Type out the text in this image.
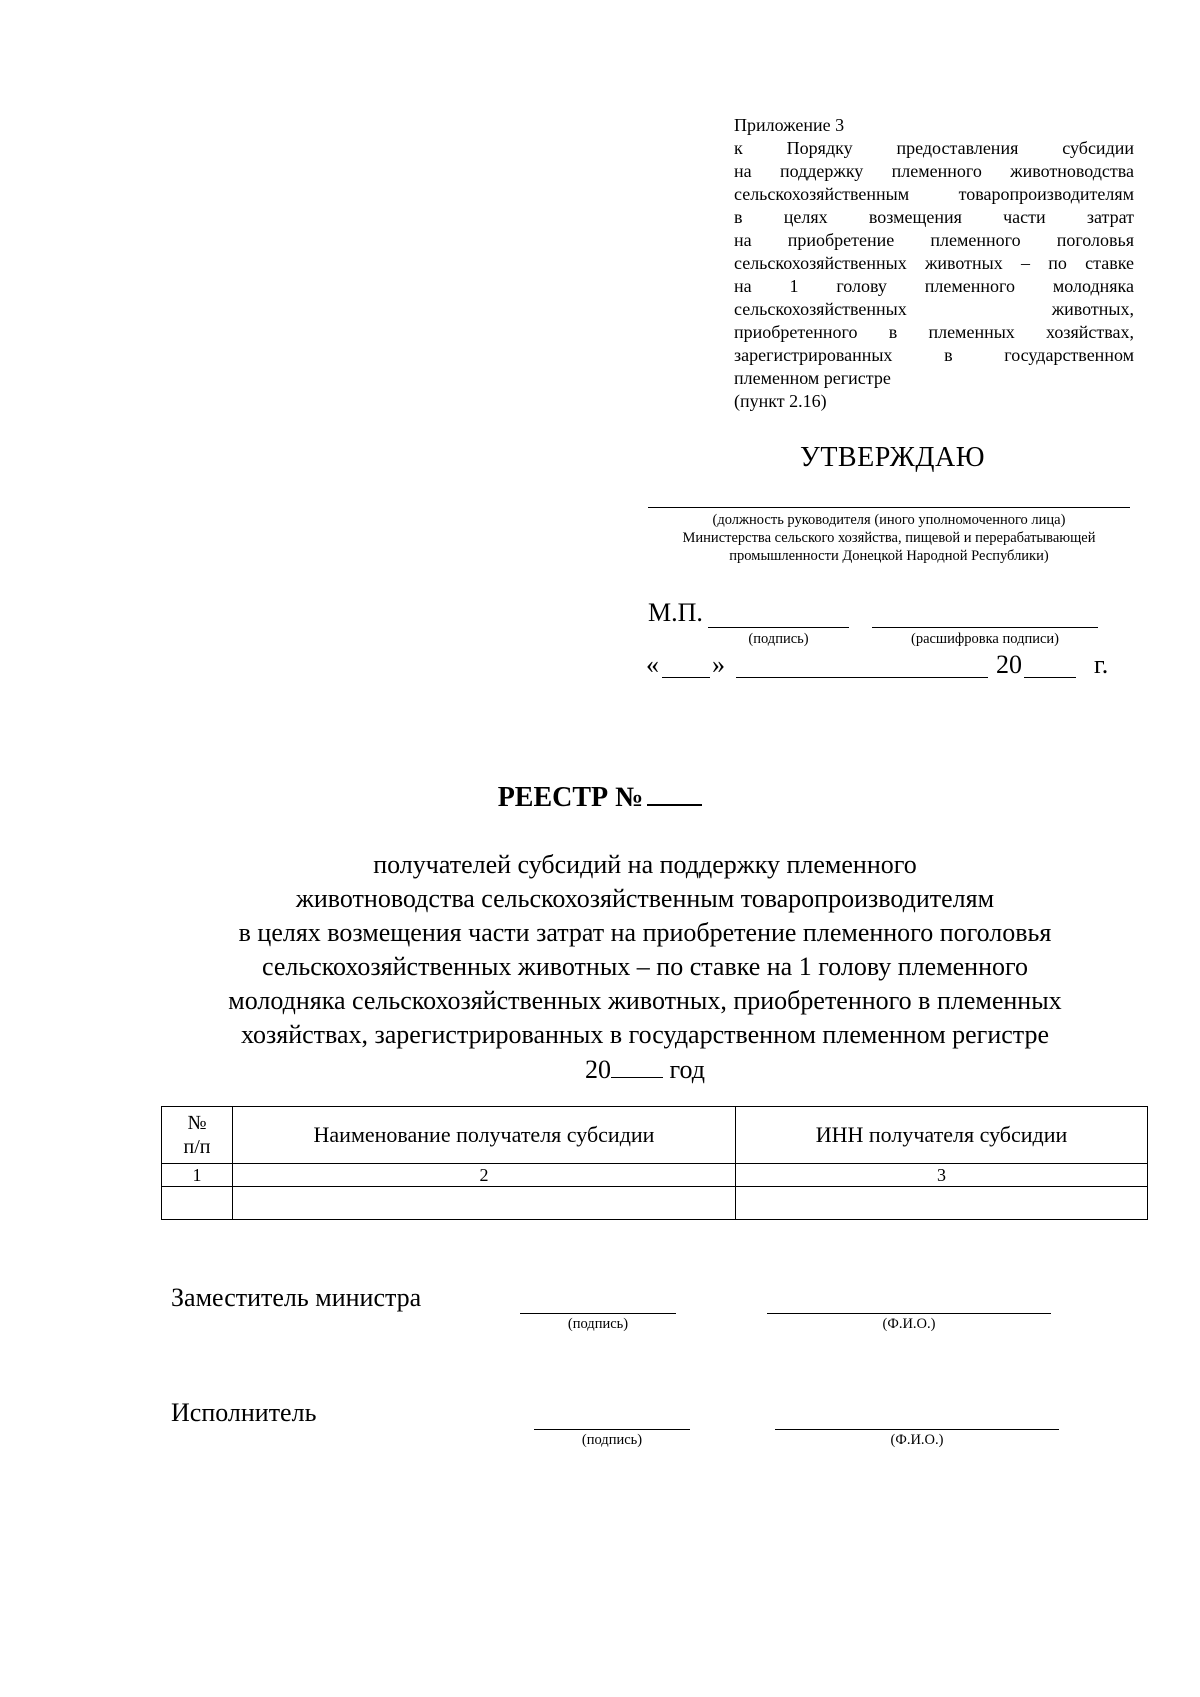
Приложение 3
к Порядку предоставления субсидии
на поддержку племенного животноводства
сельскохозяйственным товаропроизводителям
в целях возмещения части затрат
на приобретение племенного поголовья
сельскохозяйственных животных – по ставке
на 1 голову племенного молодняка
сельскохозяйственных животных,
приобретенного в племенных хозяйствах,
зарегистрированных в государственном
племенном регистре
(пункт 2.16)
УТВЕРЖДАЮ
(должность руководителя (иного уполномоченного лица)
Министерства сельского хозяйства, пищевой и перерабатывающей
промышленности Донецкой Народной Республики)
М.П.
(подпись)	(расшифровка подписи)
« »	20	г.
РЕЕСТР №
получателей субсидий на поддержку племенного
животноводства сельскохозяйственным товаропроизводителям
в целях возмещения части затрат на приобретение племенного поголовья
сельскохозяйственных животных – по ставке на 1 голову племенного
молодняка сельскохозяйственных животных, приобретенного в племенных
хозяйствах, зарегистрированных в государственном племенном регистре
20 год
№
п/п	Наименование получателя субсидии	ИНН получателя субсидии
1	2	3

Заместитель министра
(подпись)	(Ф.И.О.)
Исполнитель
(подпись)	(Ф.И.О.)
